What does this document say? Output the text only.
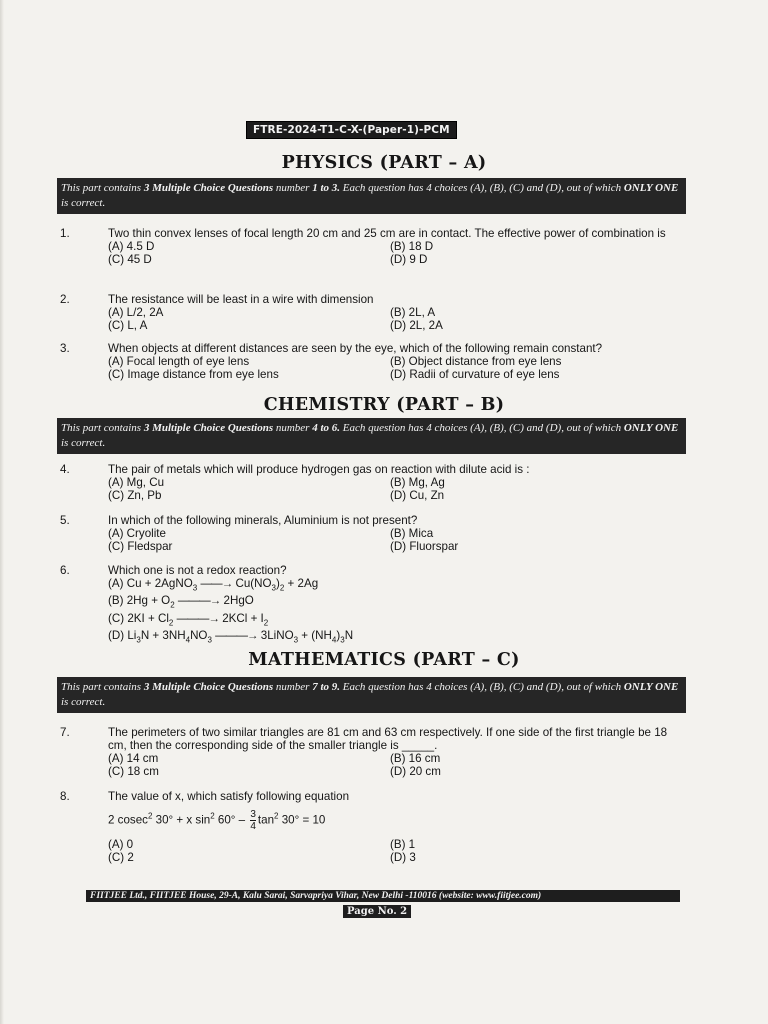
FTRE-2024-T1-C-X-(Paper-1)-PCM
PHYSICS (PART – A)
This part contains 3 Multiple Choice Questions number 1 to 3. Each question has 4 choices (A), (B), (C) and (D), out of which ONLY ONE is correct.
1.	Two thin convex lenses of focal length 20 cm and 25 cm are in contact. The effective power of combination is
(A) 4.5 D	(B) 18 D
(C) 45 D	(D) 9 D
2.	The resistance will be least in a wire with dimension
(A) L/2, 2A	(B) 2L, A
(C) L, A	(D) 2L, 2A
3.	When objects at different distances are seen by the eye, which of the following remain constant?
(A) Focal length of eye lens	(B) Object distance from eye lens
(C) Image distance from eye lens	(D) Radii of curvature of eye lens
CHEMISTRY (PART – B)
This part contains 3 Multiple Choice Questions number 4 to 6. Each question has 4 choices (A), (B), (C) and (D), out of which ONLY ONE is correct.
4.	The pair of metals which will produce hydrogen gas on reaction with dilute acid is :
(A) Mg, Cu	(B) Mg, Ag
(C) Zn, Pb	(D) Cu, Zn
5.	In which of the following minerals, Aluminium is not present?
(A) Cryolite	(B) Mica
(C) Fledspar	(D) Fluorspar
6.	Which one is not a redox reaction?
(A) Cu + 2AgNO$_3$ ——→ $Cu(NO_3)_2 + 2Ag$
(B) $2Hg + O_2$ ———→ 2HgO
(C) $2KI + Cl_2$ ———→ $2KCl + I_2$
(D) $Li_3N + 3NH_4NO_3$ ———→ 3LiNO$_3$ + $(NH_4)_3N$
MATHEMATICS (PART – C)
This part contains 3 Multiple Choice Questions number 7 to 9. Each question has 4 choices (A), (B), (C) and (D), out of which ONLY ONE is correct.
7.	The perimeters of two similar triangles are 81 cm and 63 cm respectively. If one side of the first triangle be 18 cm, then the corresponding side of the smaller triangle is _____.
(A) 14 cm	(B) 16 cm
(C) 18 cm	(D) 20 cm
8.	The value of x, which satisfy following equation
2 cosec$^2$ 30° + x $\sin^2 60^\circ - \frac{3}{4} \tan^2 30^\circ = 10$
(A) 0	(B) 1
(C) 2	(D) 3
FIITJEE Ltd., FIITJEE House, 29-A, Kalu Sarai, Sarvapriya Vihar, New Delhi -110016 (website: www.fiitjee.com)
Page No. 2
